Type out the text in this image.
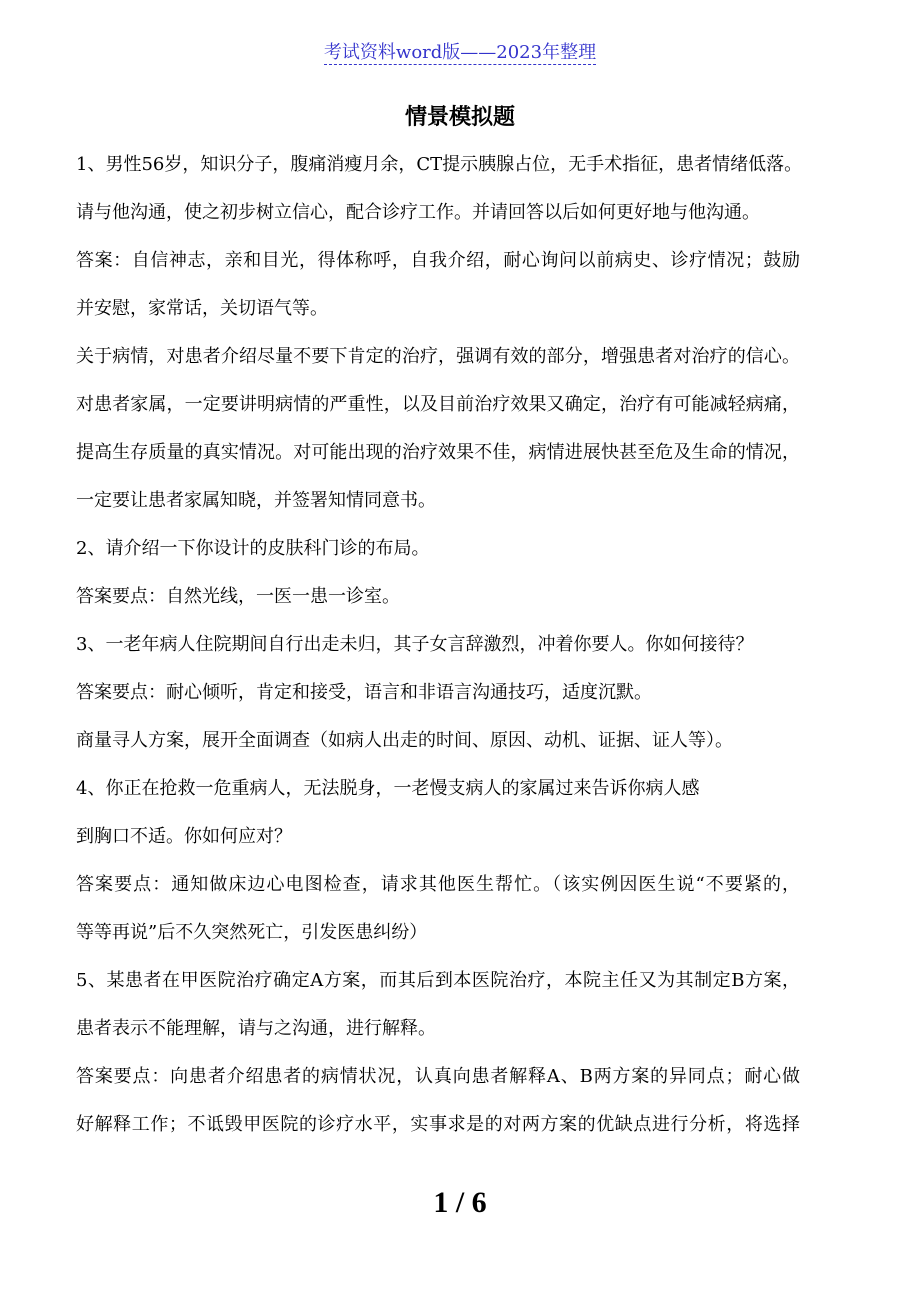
考试资料word版——2023年整理
情景模拟题
1、男性56岁，知识分子，腹痛消瘦月余，CT提示胰腺占位，无手术指征，患者情绪低落。
请与他沟通，使之初步树立信心，配合诊疗工作。并请回答以后如何更好地与他沟通。
答案：自信神志，亲和目光，得体称呼，自我介绍，耐心询问以前病史、诊疗情况；鼓励
并安慰，家常话，关切语气等。
关于病情，对患者介绍尽量不要下肯定的治疗，强调有效的部分，增强患者对治疗的信心。
对患者家属，一定要讲明病情的严重性，以及目前治疗效果又确定，治疗有可能减轻病痛，
提高生存质量的真实情况。对可能出现的治疗效果不佳，病情进展快甚至危及生命的情况，
一定要让患者家属知晓，并签署知情同意书。
2、请介绍一下你设计的皮肤科门诊的布局。
答案要点：自然光线，一医一患一诊室。
3、一老年病人住院期间自行出走未归，其子女言辞激烈，冲着你要人。你如何接待？
答案要点：耐心倾听，肯定和接受，语言和非语言沟通技巧，适度沉默。
商量寻人方案，展开全面调查（如病人出走的时间、原因、动机、证据、证人等）。
4、你正在抢救一危重病人，无法脱身，一老慢支病人的家属过来告诉你病人感
到胸口不适。你如何应对？
答案要点：通知做床边心电图检查，请求其他医生帮忙。（该实例因医生说“不要紧的，
等等再说”后不久突然死亡，引发医患纠纷）
5、某患者在甲医院治疗确定A方案，而其后到本医院治疗，本院主任又为其制定B方案，
患者表示不能理解，请与之沟通，进行解释。
答案要点：向患者介绍患者的病情状况，认真向患者解释A、B两方案的异同点；耐心做
好解释工作；不诋毁甲医院的诊疗水平，实事求是的对两方案的优缺点进行分析，将选择
1 / 6
